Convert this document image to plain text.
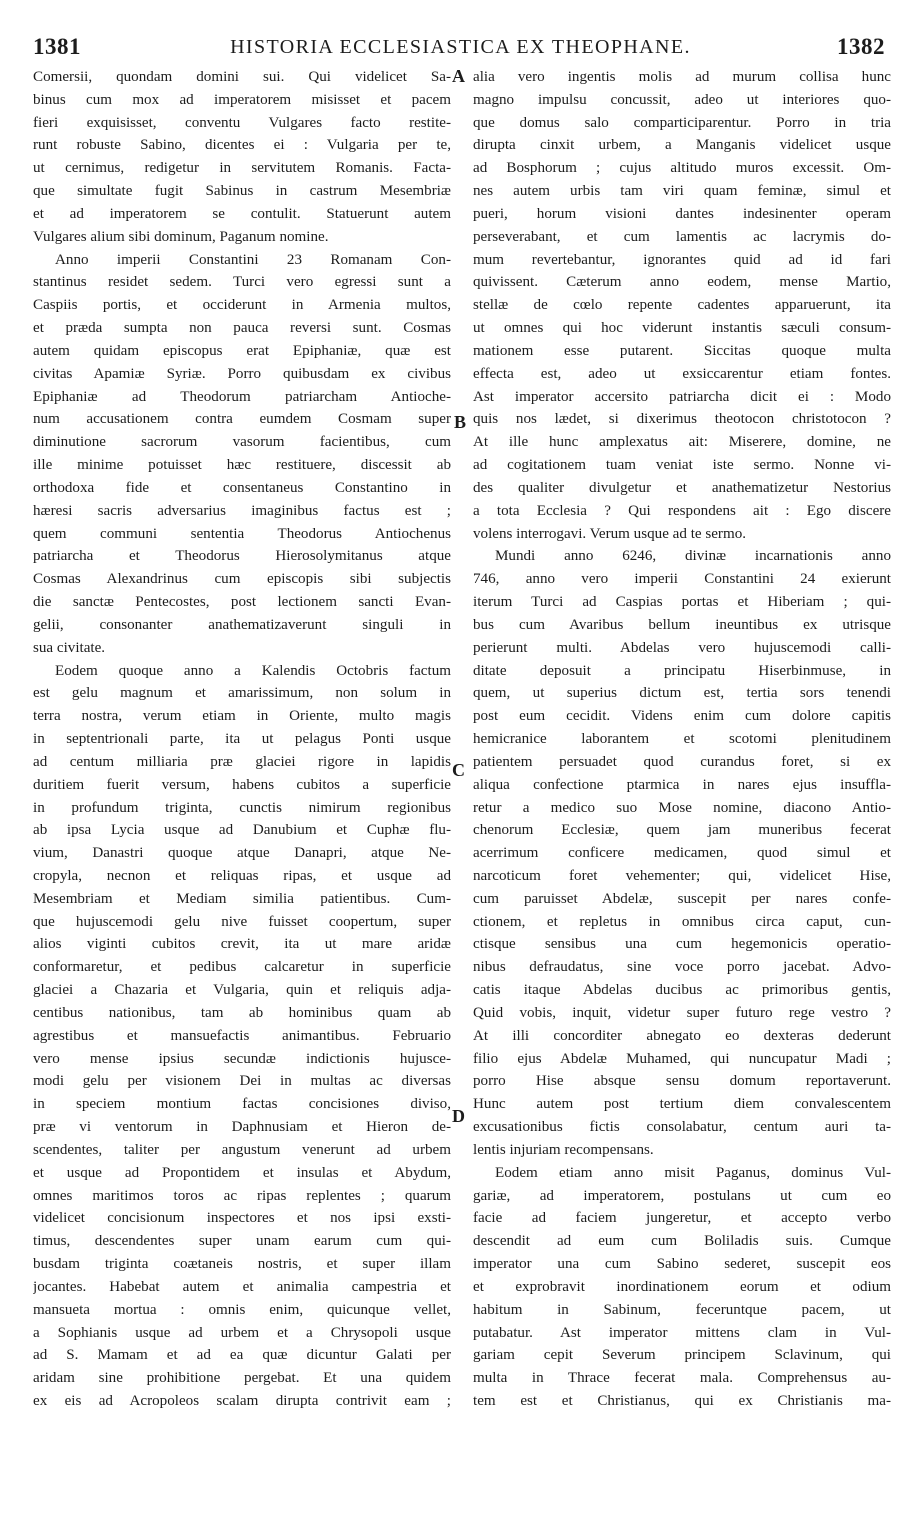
1381	HISTORIA ECCLESIASTICA EX THEOPHANE.	1382
Comersii, quondam domini sui. Qui videlicet Sa-
binus cum mox ad imperatorem misisset et pacem
fieri exquisisset, conventu Vulgares facto restite-
runt robuste Sabino, dicentes ei : Vulgaria per te,
ut cernimus, redigetur in servitutem Romanis. Facta-
que simultate fugit Sabinus in castrum Mesembriæ
et ad imperatorem se contulit. Statuerunt autem
Vulgares alium sibi dominum, Paganum nomine.
Anno imperii Constantini 23 Romanam Con-
stantinus residet sedem. Turci vero egressi sunt a
Caspiis portis, et occiderunt in Armenia multos,
et præda sumpta non pauca reversi sunt. Cosmas
autem quidam episcopus erat Epiphaniæ, quæ est
civitas Apamiæ Syriæ. Porro quibusdam ex civibus
Epiphaniæ ad Theodorum patriarcham Antioche-
num accusationem contra eumdem Cosmam super
diminutione sacrorum vasorum facientibus, cum
ille minime potuisset hæc restituere, discessit ab
orthodoxa fide et consentaneus Constantino in
hæresi sacris adversarius imaginibus factus est ;
quem communi sententia Theodorus Antiochenus
patriarcha et Theodorus Hierosolymitanus atque
Cosmas Alexandrinus cum episcopis sibi subjectis
die sanctæ Pentecostes, post lectionem sancti Evan-
gelii, consonanter anathematizaverunt singuli in
sua civitate.
Eodem quoque anno a Kalendis Octobris factum
est gelu magnum et amarissimum, non solum in
terra nostra, verum etiam in Oriente, multo magis
in septentrionali parte, ita ut pelagus Ponti usque
ad centum milliaria præ glaciei rigore in lapidis
duritiem fuerit versum, habens cubitos a superficie
in profundum triginta, cunctis nimirum regionibus
ab ipsa Lycia usque ad Danubium et Cuphæ flu-
vium, Danastri quoque atque Danapri, atque Ne-
cropyla, necnon et reliquas ripas, et usque ad
Mesembriam et Mediam similia patientibus. Cum-
que hujuscemodi gelu nive fuisset coopertum, super
alios viginti cubitos crevit, ita ut mare aridæ
conformaretur, et pedibus calcaretur in superficie
glaciei a Chazaria et Vulgaria, quin et reliquis adja-
centibus nationibus, tam ab hominibus quam ab
agrestibus et mansuefactis animantibus. Februario
vero mense ipsius secundæ indictionis hujusce-
modi gelu per visionem Dei in multas ac diversas
in speciem montium factas concisiones diviso,
præ vi ventorum in Daphnusiam et Hieron de-
scendentes, taliter per angustum venerunt ad urbem
et usque ad Propontidem et insulas et Abydum,
omnes maritimos toros ac ripas replentes ; quarum
videlicet concisionum inspectores et nos ipsi exsti-
timus, descendentes super unam earum cum qui-
busdam triginta coætaneis nostris, et super illam
jocantes. Habebat autem et animalia campestria et
mansueta mortua : omnis enim, quicunque vellet,
a Sophianis usque ad urbem et a Chrysopoli usque
ad S. Mamam et ad ea quæ dicuntur Galati per
aridam sine prohibitione pergebat. Et una quidem
ex eis ad Acropoleos scalam dirupta contrivit eam ;
alia vero ingentis molis ad murum collisa hunc
magno impulsu concussit, adeo ut interiores quo-
que domus salo comparticiparentur. Porro in tria
dirupta cinxit urbem, a Manganis videlicet usque
ad Bosphorum ; cujus altitudo muros excessit. Om-
nes autem urbis tam viri quam feminæ, simul et
pueri, horum visioni dantes indesinenter operam
perseverabant, et cum lamentis ac lacrymis do-
mum revertebantur, ignorantes quid ad id fari
quivissent. Cæterum anno eodem, mense Martio,
stellæ de cœlo repente cadentes apparuerunt, ita
ut omnes qui hoc viderunt instantis sæculi consum-
mationem esse putarent. Siccitas quoque multa
effecta est, adeo ut exsiccarentur etiam fontes.
Ast imperator accersito patriarcha dicit ei : Modo
quis nos lædet, si dixerimus theotocon christotocon ?
At ille hunc amplexatus ait: Miserere, domine, ne
ad cogitationem tuam veniat iste sermo. Nonne vi-
des qualiter divulgetur et anathematizetur Nestorius
a tota Ecclesia ? Qui respondens ait : Ego discere
volens interrogavi. Verum usque ad te sermo.
Mundi anno 6246, divinæ incarnationis anno
746, anno vero imperii Constantini 24 exierunt
iterum Turci ad Caspias portas et Hiberiam ; qui-
bus cum Avaribus bellum ineuntibus ex utrisque
perierunt multi. Abdelas vero hujuscemodi calli-
ditate deposuit a principatu Hiserbinmuse, in
quem, ut superius dictum est, tertia sors tenendi
post eum cecidit. Videns enim cum dolore capitis
hemicranice laborantem et scotomi plenitudinem
patientem persuadet quod curandus foret, si ex
aliqua confectione ptarmica in nares ejus insuffla-
retur a medico suo Mose nomine, diacono Antio-
chenorum Ecclesiæ, quem jam muneribus fecerat
acerrimum conficere medicamen, quod simul et
narcoticum foret vehementer; qui, videlicet Hise,
cum paruisset Abdelæ, suscepit per nares confe-
ctionem, et repletus in omnibus circa caput, cun-
ctisque sensibus una cum hegemonicis operatio-
nibus defraudatus, sine voce porro jacebat. Advo-
catis itaque Abdelas ducibus ac primoribus gentis,
Quid vobis, inquit, videtur super futuro rege vestro ?
At illi concorditer abnegato eo dexteras dederunt
filio ejus Abdelæ Muhamed, qui nuncupatur Madi ;
porro Hise absque sensu domum reportaverunt.
Hunc autem post tertium diem convalescentem
excusationibus fictis consolabatur, centum auri ta-
lentis injuriam recompensans.
Eodem etiam anno misit Paganus, dominus Vul-
gariæ, ad imperatorem, postulans ut cum eo
facie ad faciem jungeretur, et accepto verbo
descendit ad eum cum Boliladis suis. Cumque
imperator una cum Sabino sederet, suscepit eos
et exprobravit inordinationem eorum et odium
habitum in Sabinum, feceruntque pacem, ut
putabatur. Ast imperator mittens clam in Vul-
gariam cepit Severum principem Sclavinum, qui
multa in Thrace fecerat mala. Comprehensus au-
tem est et Christianus, qui ex Christianis ma-
A
B
C
D
